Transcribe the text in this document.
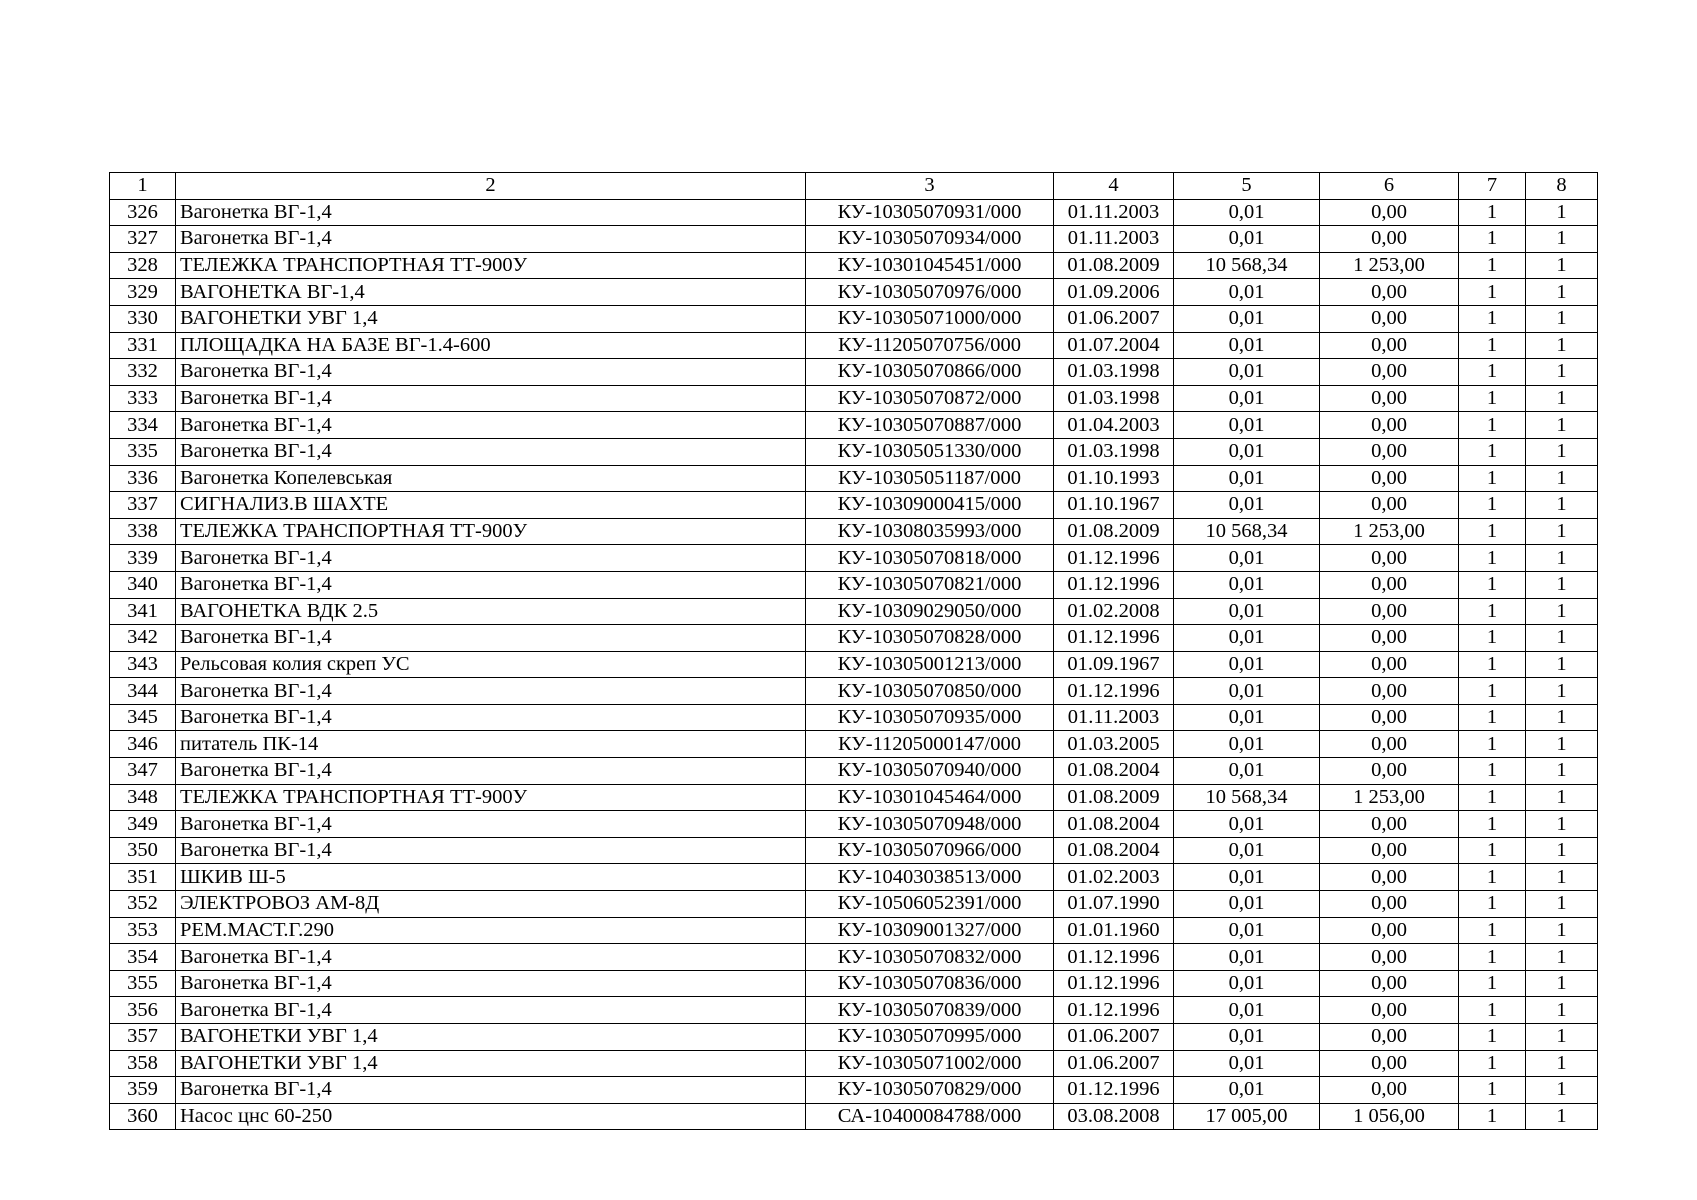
1	2	3	4	5	6	7	8
326	Вагонетка ВГ-1,4	КУ-10305070931/000	01.11.2003	0,01	0,00	1	1
327	Вагонетка ВГ-1,4	КУ-10305070934/000	01.11.2003	0,01	0,00	1	1
328	ТЕЛЕЖКА ТРАНСПОРТНАЯ ТТ-900У	КУ-10301045451/000	01.08.2009	10 568,34	1 253,00	1	1
329	ВАГОНЕТКА ВГ-1,4	КУ-10305070976/000	01.09.2006	0,01	0,00	1	1
330	ВАГОНЕТКИ УВГ 1,4	КУ-10305071000/000	01.06.2007	0,01	0,00	1	1
331	ПЛОЩАДКА НА БАЗЕ ВГ-1.4-600	КУ-11205070756/000	01.07.2004	0,01	0,00	1	1
332	Вагонетка ВГ-1,4	КУ-10305070866/000	01.03.1998	0,01	0,00	1	1
333	Вагонетка ВГ-1,4	КУ-10305070872/000	01.03.1998	0,01	0,00	1	1
334	Вагонетка ВГ-1,4	КУ-10305070887/000	01.04.2003	0,01	0,00	1	1
335	Вагонетка ВГ-1,4	КУ-10305051330/000	01.03.1998	0,01	0,00	1	1
336	Вагонетка Копелевськая	КУ-10305051187/000	01.10.1993	0,01	0,00	1	1
337	СИГНАЛИЗ.В ШАХТЕ	КУ-10309000415/000	01.10.1967	0,01	0,00	1	1
338	ТЕЛЕЖКА ТРАНСПОРТНАЯ ТТ-900У	КУ-10308035993/000	01.08.2009	10 568,34	1 253,00	1	1
339	Вагонетка ВГ-1,4	КУ-10305070818/000	01.12.1996	0,01	0,00	1	1
340	Вагонетка ВГ-1,4	КУ-10305070821/000	01.12.1996	0,01	0,00	1	1
341	ВАГОНЕТКА ВДК 2.5	КУ-10309029050/000	01.02.2008	0,01	0,00	1	1
342	Вагонетка ВГ-1,4	КУ-10305070828/000	01.12.1996	0,01	0,00	1	1
343	Рельсовая колия скреп УС	КУ-10305001213/000	01.09.1967	0,01	0,00	1	1
344	Вагонетка ВГ-1,4	КУ-10305070850/000	01.12.1996	0,01	0,00	1	1
345	Вагонетка ВГ-1,4	КУ-10305070935/000	01.11.2003	0,01	0,00	1	1
346	питатель ПК-14	КУ-11205000147/000	01.03.2005	0,01	0,00	1	1
347	Вагонетка ВГ-1,4	КУ-10305070940/000	01.08.2004	0,01	0,00	1	1
348	ТЕЛЕЖКА ТРАНСПОРТНАЯ ТТ-900У	КУ-10301045464/000	01.08.2009	10 568,34	1 253,00	1	1
349	Вагонетка ВГ-1,4	КУ-10305070948/000	01.08.2004	0,01	0,00	1	1
350	Вагонетка ВГ-1,4	КУ-10305070966/000	01.08.2004	0,01	0,00	1	1
351	ШКИВ Ш-5	КУ-10403038513/000	01.02.2003	0,01	0,00	1	1
352	ЭЛЕКТРОВОЗ АМ-8Д	КУ-10506052391/000	01.07.1990	0,01	0,00	1	1
353	РЕМ.МАСТ.Г.290	КУ-10309001327/000	01.01.1960	0,01	0,00	1	1
354	Вагонетка ВГ-1,4	КУ-10305070832/000	01.12.1996	0,01	0,00	1	1
355	Вагонетка ВГ-1,4	КУ-10305070836/000	01.12.1996	0,01	0,00	1	1
356	Вагонетка ВГ-1,4	КУ-10305070839/000	01.12.1996	0,01	0,00	1	1
357	ВАГОНЕТКИ УВГ 1,4	КУ-10305070995/000	01.06.2007	0,01	0,00	1	1
358	ВАГОНЕТКИ УВГ 1,4	КУ-10305071002/000	01.06.2007	0,01	0,00	1	1
359	Вагонетка ВГ-1,4	КУ-10305070829/000	01.12.1996	0,01	0,00	1	1
360	Насос цнс 60-250	СА-10400084788/000	03.08.2008	17 005,00	1 056,00	1	1
